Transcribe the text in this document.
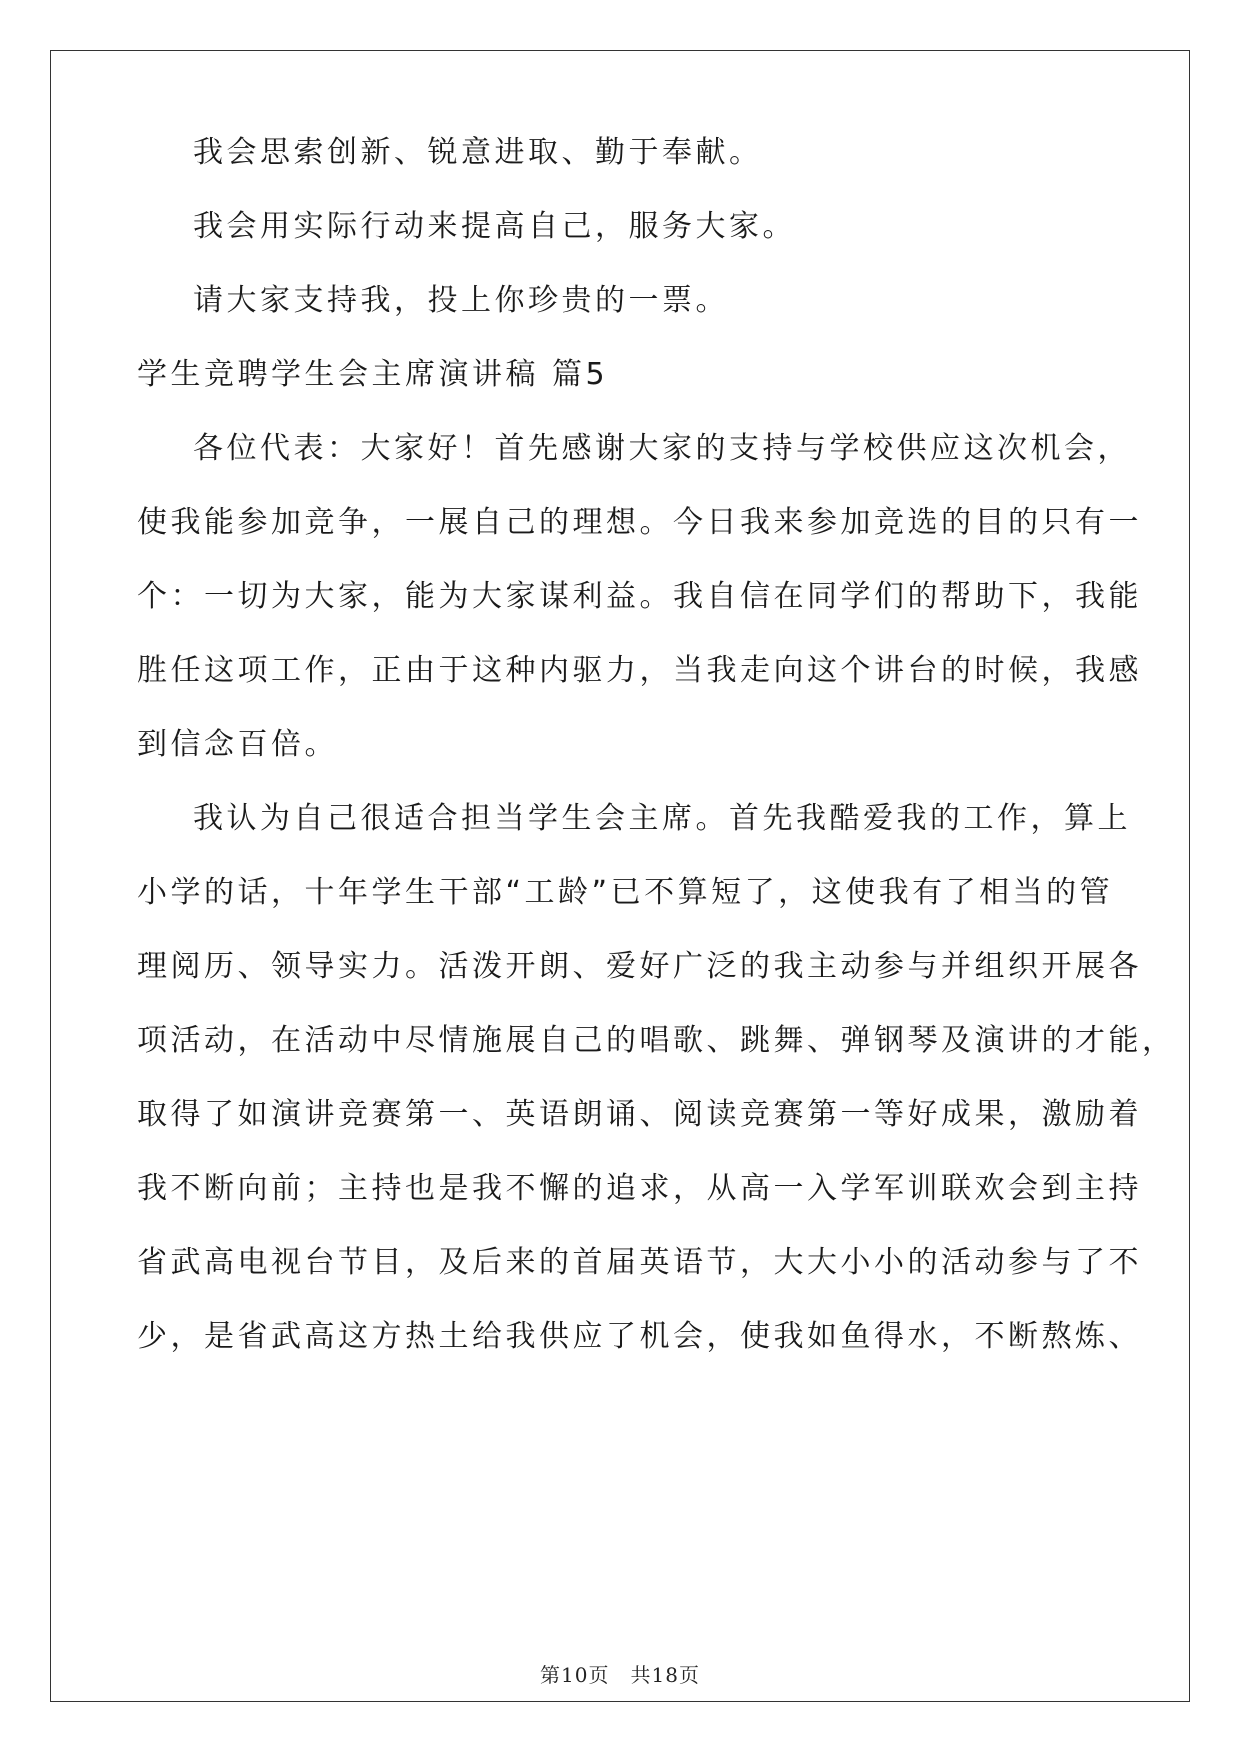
我会思索创新、锐意进取、勤于奉献。
我会用实际行动来提高自己，服务大家。
请大家支持我，投上你珍贵的一票。
学生竞聘学生会主席演讲稿 篇5
各位代表：大家好！首先感谢大家的支持与学校供应这次机会，
使我能参加竞争，一展自己的理想。今日我来参加竞选的目的只有一
个：一切为大家，能为大家谋利益。我自信在同学们的帮助下，我能
胜任这项工作，正由于这种内驱力，当我走向这个讲台的时候，我感
到信念百倍。
我认为自己很适合担当学生会主席。首先我酷爱我的工作，算上
小学的话，十年学生干部“工龄”已不算短了，这使我有了相当的管
理阅历、领导实力。活泼开朗、爱好广泛的我主动参与并组织开展各
项活动，在活动中尽情施展自己的唱歌、跳舞、弹钢琴及演讲的才能，
取得了如演讲竞赛第一、英语朗诵、阅读竞赛第一等好成果，激励着
我不断向前；主持也是我不懈的追求，从高一入学军训联欢会到主持
省武高电视台节目，及后来的首届英语节，大大小小的活动参与了不
少，是省武高这方热土给我供应了机会，使我如鱼得水，不断熬炼、
第10页　共18页
